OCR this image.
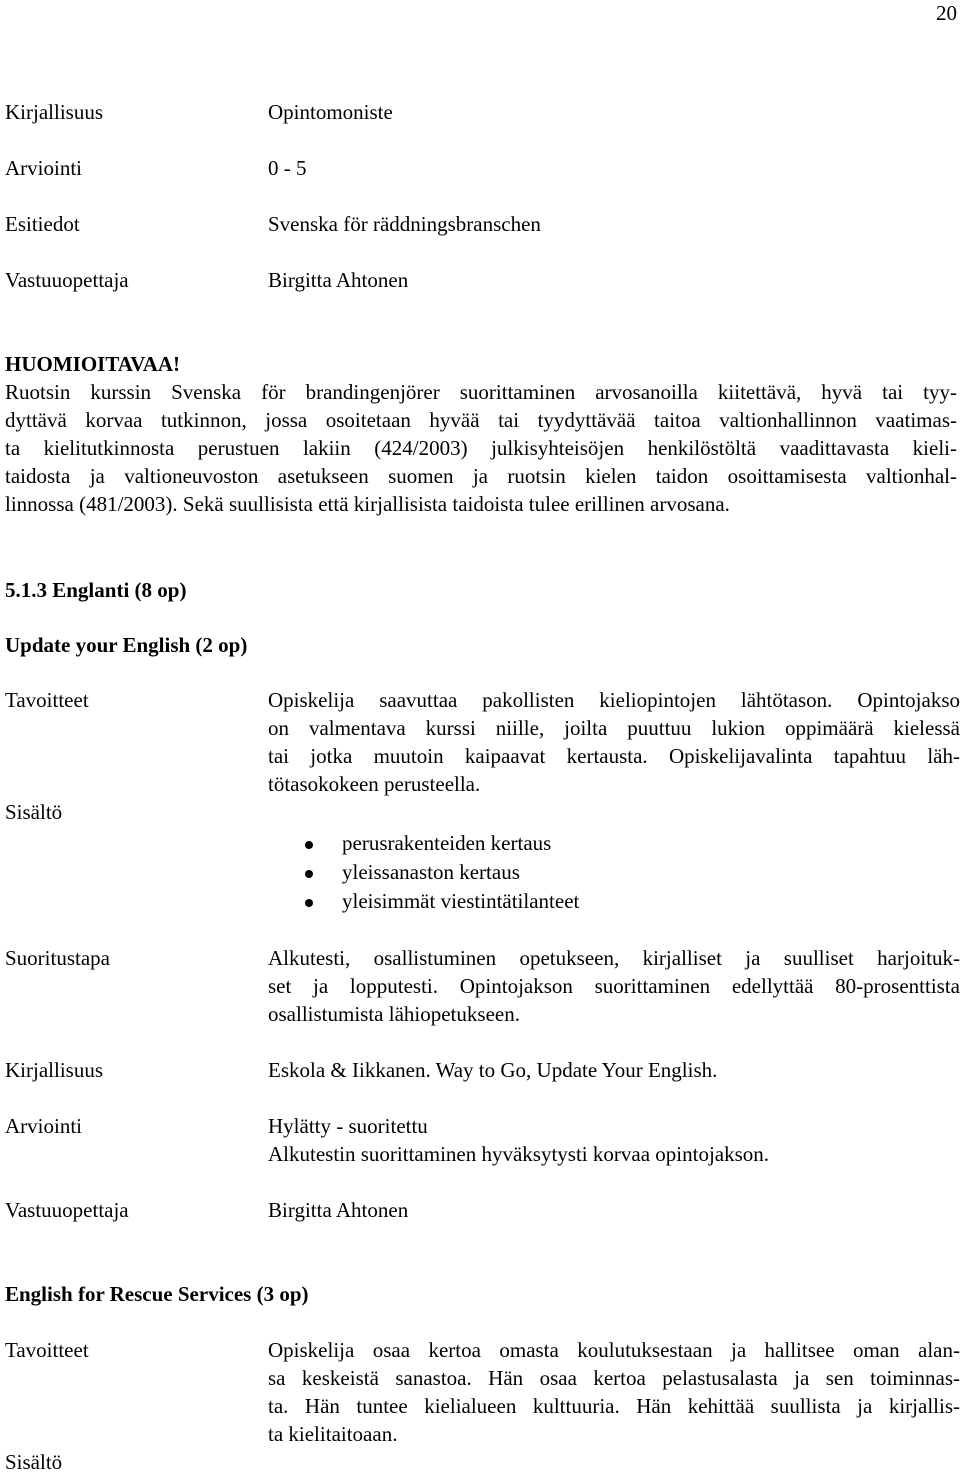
20
Kirjallisuus	Opintomoniste
Arviointi	0 - 5
Esitiedot	Svenska för räddningsbranschen
Vastuuopettaja	Birgitta Ahtonen
HUOMIOITAVAA!
Ruotsin kurssin Svenska för brandingenjörer suorittaminen arvosanoilla kiitettävä, hyvä tai tyy-
dyttävä korvaa tutkinnon, jossa osoitetaan hyvää tai tyydyttävää taitoa valtionhallinnon vaatimas-
ta kielitutkinnosta perustuen lakiin (424/2003) julkisyhteisöjen henkilöstöltä vaadittavasta kieli-
taidosta ja valtioneuvoston asetukseen suomen ja ruotsin kielen taidon osoittamisesta valtionhal-
linnossa (481/2003). Sekä suullisista että kirjallisista taidoista tulee erillinen arvosana.
5.1.3 Englanti (8 op)
Update your English (2 op)
Tavoitteet	Opiskelija saavuttaa pakollisten kieliopintojen lähtötason. Opintojakso
on valmentava kurssi niille, joilta puuttuu lukion oppimäärä kielessä
tai jotka muutoin kaipaavat kertausta. Opiskelijavalinta tapahtuu läh-
tötasokokeen perusteella.
Sisältö
perusrakenteiden kertaus
yleissanaston kertaus
yleisimmät viestintätilanteet
Suoritustapa	Alkutesti, osallistuminen opetukseen, kirjalliset ja suulliset harjoituk-
set ja lopputesti. Opintojakson suorittaminen edellyttää 80-prosenttista
osallistumista lähiopetukseen.
Kirjallisuus	Eskola & Iikkanen. Way to Go, Update Your English.
Arviointi	Hylätty - suoritettu
Alkutestin suorittaminen hyväksytysti korvaa opintojakson.
Vastuuopettaja	Birgitta Ahtonen
English for Rescue Services (3 op)
Tavoitteet	Opiskelija osaa kertoa omasta koulutuksestaan ja hallitsee oman alan-
sa keskeistä sanastoa. Hän osaa kertoa pelastusalasta ja sen toiminnas-
ta. Hän tuntee kielialueen kulttuuria. Hän kehittää suullista ja kirjallis-
ta kielitaitoaan.
Sisältö
